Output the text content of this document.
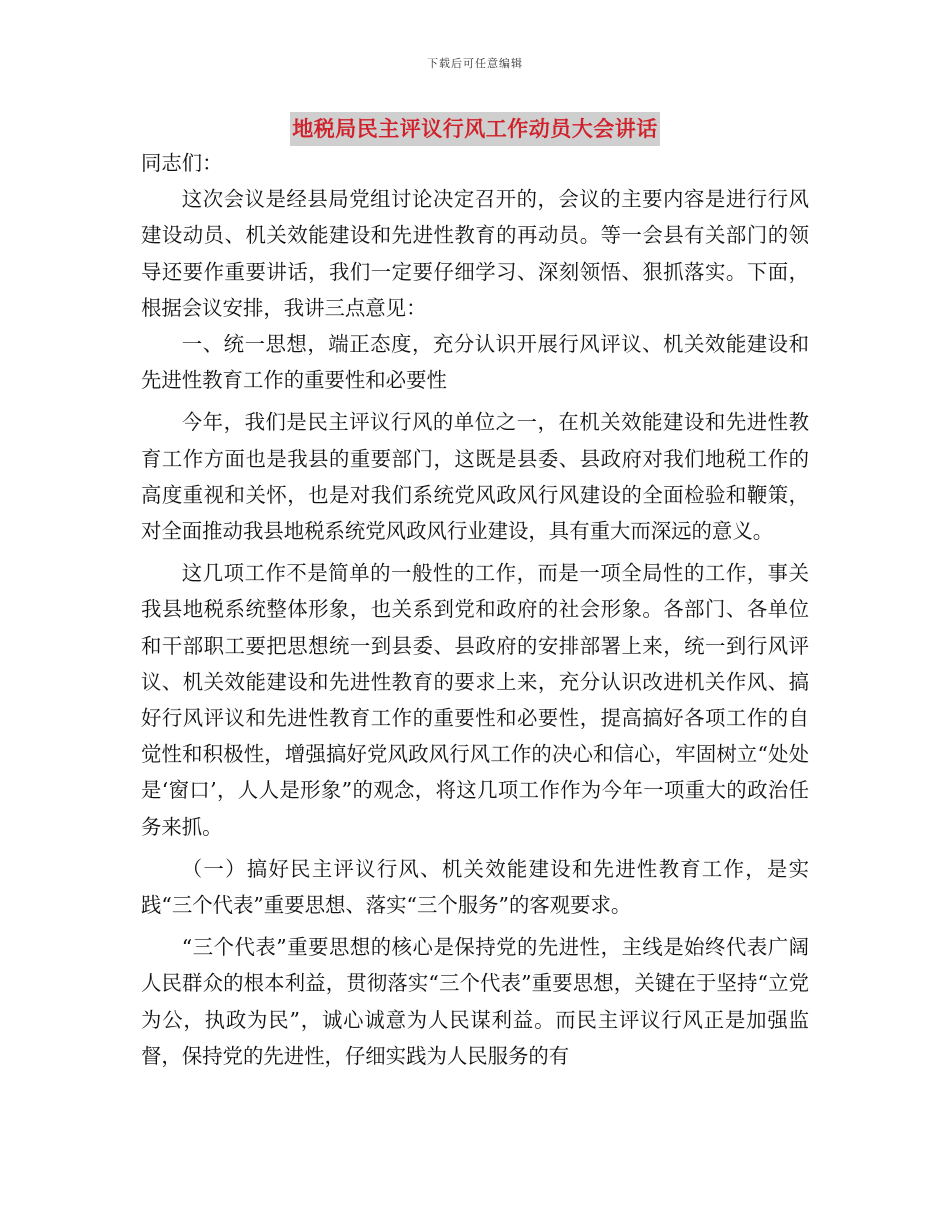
下载后可任意编辑
地税局民主评议行风工作动员大会讲话

同志们：

这次会议是经县局党组讨论决定召开的，会议的主要内容是进行行风建设动员、机关效能建设和先进性教育的再动员。等一会县有关部门的领导还要作重要讲话，我们一定要仔细学习、深刻领悟、狠抓落实。下面，根据会议安排，我讲三点意见：

一、统一思想，端正态度，充分认识开展行风评议、机关效能建设和先进性教育工作的重要性和必要性

今年，我们是民主评议行风的单位之一，在机关效能建设和先进性教育工作方面也是我县的重要部门，这既是县委、县政府对我们地税工作的高度重视和关怀，也是对我们系统党风政风行风建设的全面检验和鞭策，对全面推动我县地税系统党风政风行业建设，具有重大而深远的意义。

这几项工作不是简单的一般性的工作，而是一项全局性的工作，事关我县地税系统整体形象，也关系到党和政府的社会形象。各部门、各单位和干部职工要把思想统一到县委、县政府的安排部署上来，统一到行风评议、机关效能建设和先进性教育的要求上来，充分认识改进机关作风、搞好行风评议和先进性教育工作的重要性和必要性，提高搞好各项工作的自觉性和积极性，增强搞好党风政风行风工作的决心和信心，牢固树立“处处是‘窗口’，人人是形象”的观念，将这几项工作作为今年一项重大的政治任务来抓。

（一）搞好民主评议行风、机关效能建设和先进性教育工作，是实践“三个代表”重要思想、落实“三个服务”的客观要求。

“三个代表”重要思想的核心是保持党的先进性，主线是始终代表广阔人民群众的根本利益，贯彻落实“三个代表”重要思想，关键在于坚持“立党为公，执政为民”，诚心诚意为人民谋利益。而民主评议行风正是加强监督，保持党的先进性，仔细实践为人民服务的有
